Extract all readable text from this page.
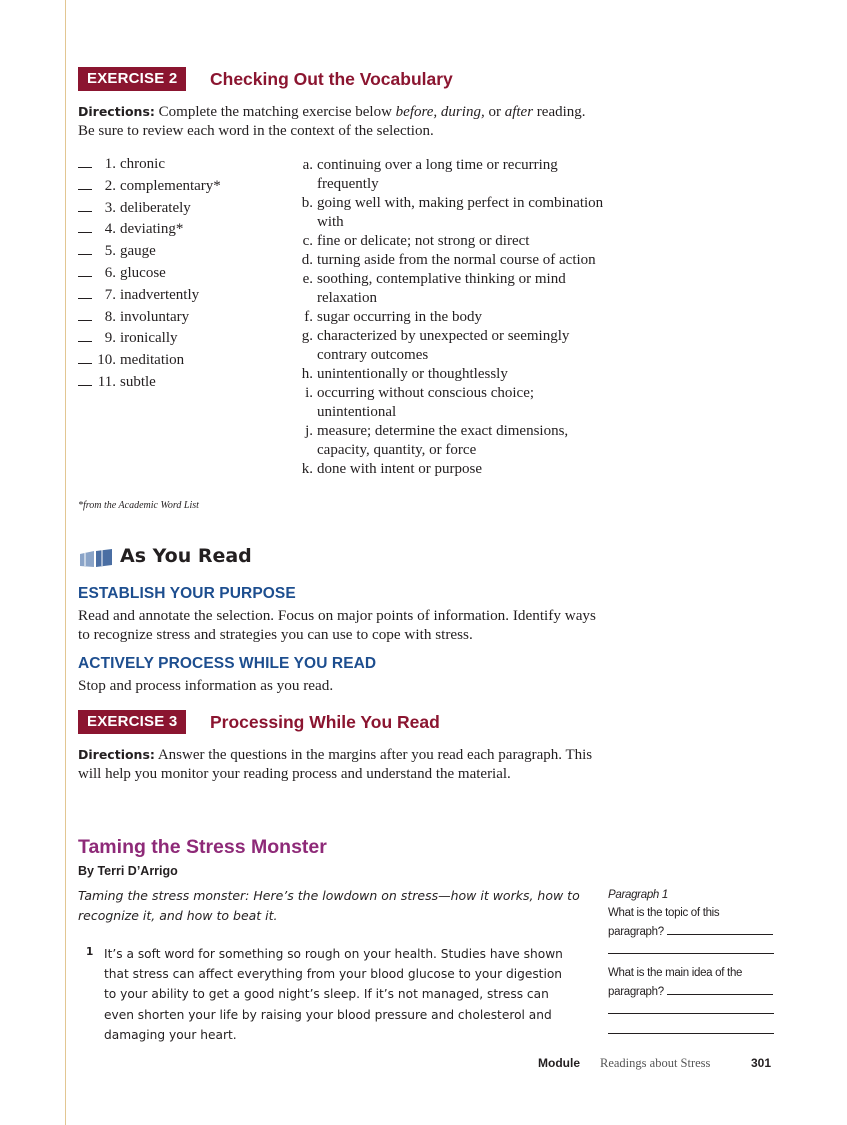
EXERCISE 2	Checking Out the Vocabulary
Directions: Complete the matching exercise below before, during, or after reading. Be sure to review each word in the context of the selection.
1. chronic
2. complementary*
3. deliberately
4. deviating*
5. gauge
6. glucose
7. inadvertently
8. involuntary
9. ironically
10. meditation
11. subtle
a. continuing over a long time or recurring frequently
b. going well with, making perfect in combination with
c. fine or delicate; not strong or direct
d. turning aside from the normal course of action
e. soothing, contemplative thinking or mind relaxation
f. sugar occurring in the body
g. characterized by unexpected or seemingly contrary outcomes
h. unintentionally or thoughtlessly
i. occurring without conscious choice; unintentional
j. measure; determine the exact dimensions, capacity, quantity, or force
k. done with intent or purpose
*from the Academic Word List
As You Read
ESTABLISH YOUR PURPOSE
Read and annotate the selection. Focus on major points of information. Identify ways to recognize stress and strategies you can use to cope with stress.
ACTIVELY PROCESS WHILE YOU READ
Stop and process information as you read.
EXERCISE 3	Processing While You Read
Directions: Answer the questions in the margins after you read each paragraph. This will help you monitor your reading process and understand the material.
Taming the Stress Monster
By Terri D’Arrigo
Taming the stress monster: Here’s the lowdown on stress—how it works, how to recognize it, and how to beat it.
1 It’s a soft word for something so rough on your health. Studies have shown that stress can affect everything from your blood glucose to your digestion to your ability to get a good night’s sleep. If it’s not managed, stress can even shorten your life by raising your blood pressure and cholesterol and damaging your heart.
Paragraph 1
What is the topic of this
paragraph?
What is the main idea of the
paragraph?
Module Readings about Stress	301
